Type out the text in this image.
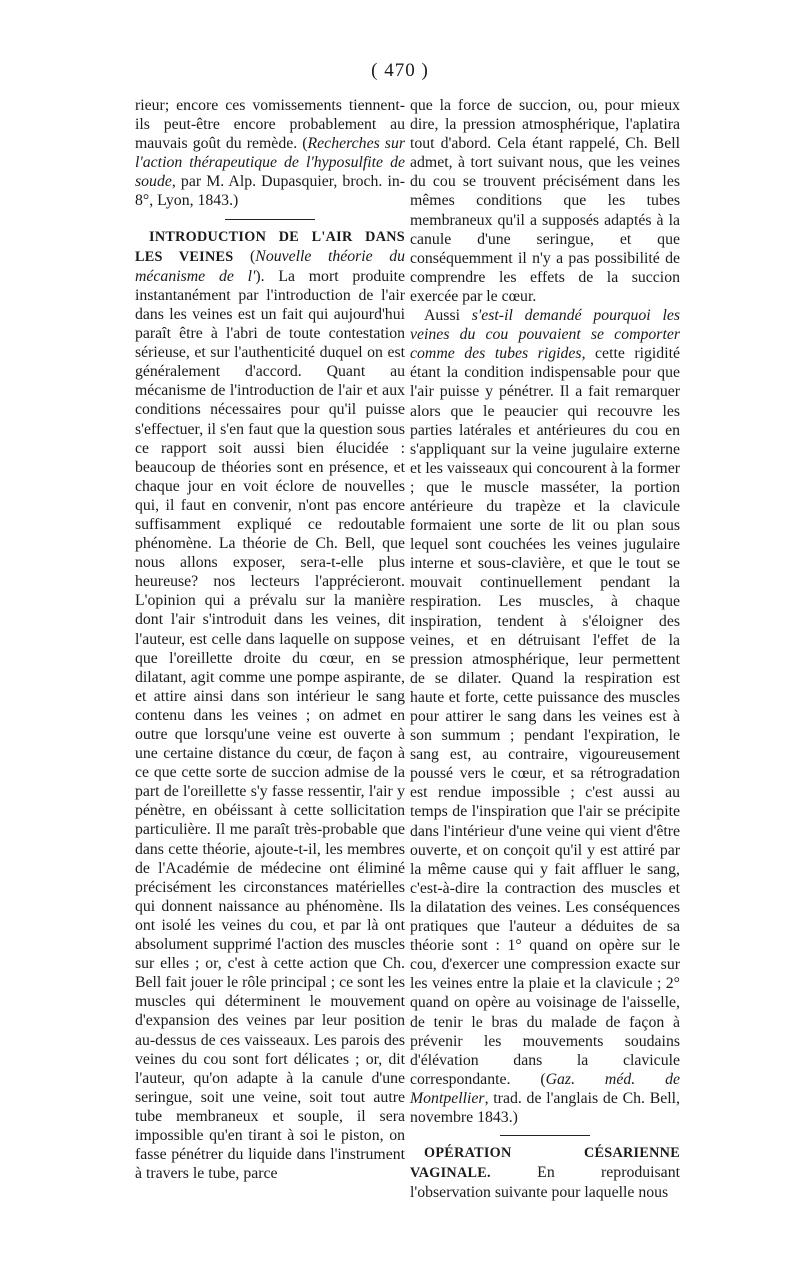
( 470 )

rieur; encore ces vomissements tiennent-ils peut-être encore probablement au mauvais goût du remède. (Recherches sur l'action thérapeutique de l'hyposulfite de soude, par M. Alp. Dupasquier, broch. in-8°, Lyon, 1843.)

INTRODUCTION DE L'AIR DANS LES VEINES (Nouvelle théorie du mécanisme de l'). La mort produite instantanément par l'introduction de l'air dans les veines est un fait qui aujourd'hui paraît être à l'abri de toute contestation sérieuse, et sur l'authenticité duquel on est généralement d'accord. Quant au mécanisme de l'introduction de l'air et aux conditions nécessaires pour qu'il puisse s'effectuer, il s'en faut que la question sous ce rapport soit aussi bien élucidée : beaucoup de théories sont en présence, et chaque jour en voit éclore de nouvelles qui, il faut en convenir, n'ont pas encore suffisamment expliqué ce redoutable phénomène. La théorie de Ch. Bell, que nous allons exposer, sera-t-elle plus heureuse? nos lecteurs l'apprécieront. L'opinion qui a prévalu sur la manière dont l'air s'introduit dans les veines, dit l'auteur, est celle dans laquelle on suppose que l'oreillette droite du cœur, en se dilatant, agit comme une pompe aspirante, et attire ainsi dans son intérieur le sang contenu dans les veines ; on admet en outre que lorsqu'une veine est ouverte à une certaine distance du cœur, de façon à ce que cette sorte de succion admise de la part de l'oreillette s'y fasse ressentir, l'air y pénètre, en obéissant à cette sollicitation particulière. Il me paraît très-probable que dans cette théorie, ajoute-t-il, les membres de l'Académie de médecine ont éliminé précisément les circonstances matérielles qui donnent naissance au phénomène. Ils ont isolé les veines du cou, et par là ont absolument supprimé l'action des muscles sur elles ; or, c'est à cette action que Ch. Bell fait jouer le rôle principal ; ce sont les muscles qui déterminent le mouvement d'expansion des veines par leur position au-dessus de ces vaisseaux. Les parois des veines du cou sont fort délicates ; or, dit l'auteur, qu'on adapte à la canule d'une seringue, soit une veine, soit tout autre tube membraneux et souple, il sera impossible qu'en tirant à soi le piston, on fasse pénétrer du liquide dans l'instrument à travers le tube, parce

que la force de succion, ou, pour mieux dire, la pression atmosphérique, l'aplatira tout d'abord. Cela étant rappelé, Ch. Bell admet, à tort suivant nous, que les veines du cou se trouvent précisément dans les mêmes conditions que les tubes membraneux qu'il a supposés adaptés à la canule d'une seringue, et que conséquemment il n'y a pas possibilité de comprendre les effets de la succion exercée par le cœur.

Aussi s'est-il demandé pourquoi les veines du cou pouvaient se comporter comme des tubes rigides, cette rigidité étant la condition indispensable pour que l'air puisse y pénétrer. Il a fait remarquer alors que le peaucier qui recouvre les parties latérales et antérieures du cou en s'appliquant sur la veine jugulaire externe et les vaisseaux qui concourent à la former ; que le muscle masséter, la portion antérieure du trapèze et la clavicule formaient une sorte de lit ou plan sous lequel sont couchées les veines jugulaire interne et sous-clavière, et que le tout se mouvait continuellement pendant la respiration. Les muscles, à chaque inspiration, tendent à s'éloigner des veines, et en détruisant l'effet de la pression atmosphérique, leur permettent de se dilater. Quand la respiration est haute et forte, cette puissance des muscles pour attirer le sang dans les veines est à son summum ; pendant l'expiration, le sang est, au contraire, vigoureusement poussé vers le cœur, et sa rétrogradation est rendue impossible ; c'est aussi au temps de l'inspiration que l'air se précipite dans l'intérieur d'une veine qui vient d'être ouverte, et on conçoit qu'il y est attiré par la même cause qui y fait affluer le sang, c'est-à-dire la contraction des muscles et la dilatation des veines. Les conséquences pratiques que l'auteur a déduites de sa théorie sont : 1° quand on opère sur le cou, d'exercer une compression exacte sur les veines entre la plaie et la clavicule ; 2° quand on opère au voisinage de l'aisselle, de tenir le bras du malade de façon à prévenir les mouvements soudains d'élévation dans la clavicule correspondante. (Gaz. méd. de Montpellier, trad. de l'anglais de Ch. Bell, novembre 1843.)

OPÉRATION CÉSARIENNE VAGINALE. En reproduisant l'observation suivante pour laquelle nous
